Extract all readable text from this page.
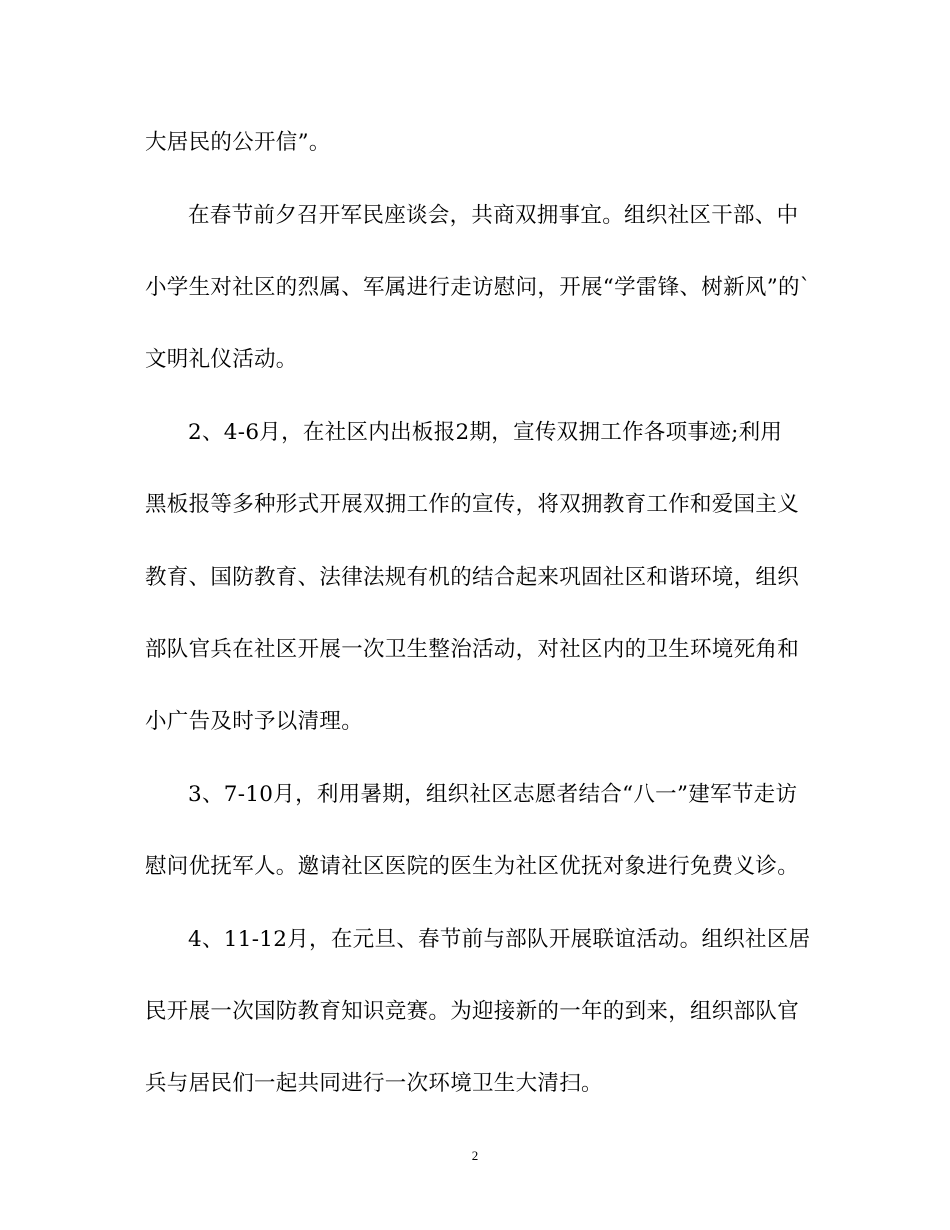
大居民的公开信”。
在春节前夕召开军民座谈会，共商双拥事宜。组织社区干部、中
小学生对社区的烈属、军属进行走访慰问，开展“学雷锋、树新风”的`
文明礼仪活动。
2、4-6月，在社区内出板报2期，宣传双拥工作各项事迹;利用
黑板报等多种形式开展双拥工作的宣传，将双拥教育工作和爱国主义
教育、国防教育、法律法规有机的结合起来巩固社区和谐环境，组织
部队官兵在社区开展一次卫生整治活动，对社区内的卫生环境死角和
小广告及时予以清理。
3、7-10月，利用暑期，组织社区志愿者结合“八一”建军节走访
慰问优抚军人。邀请社区医院的医生为社区优抚对象进行免费义诊。
4、11-12月，在元旦、春节前与部队开展联谊活动。组织社区居
民开展一次国防教育知识竞赛。为迎接新的一年的到来，组织部队官
兵与居民们一起共同进行一次环境卫生大清扫。
2
